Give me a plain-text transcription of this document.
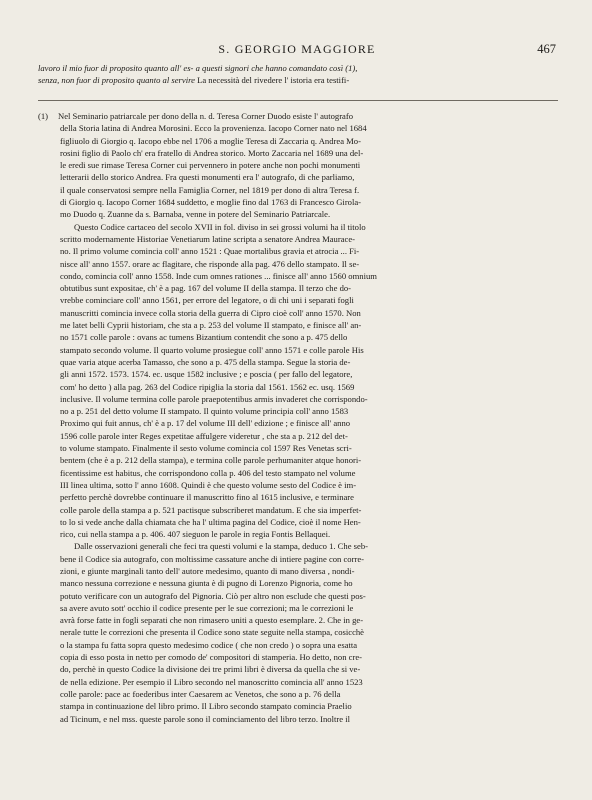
S. GEORGIO MAGGIORE	467

lavoro il mio fuor di proposito quanto all' es- a questi signori che hanno comandato così (1),

senza, non fuor di proposito quanto al servire La necessità del rivedere l' istoria era testifi-

(1) Nel Seminario patriarcale per dono della n. d. Teresa Corner Duodo esiste l' autografo
della Storia latina di Andrea Morosini. Ecco la provenienza. Iacopo Corner nato nel 1684
figliuolo di Giorgio q. Iacopo ebbe nel 1706 a moglie Teresa di Zaccaria q. Andrea Mo-
rosini figlio di Paolo ch' era fratello di Andrea storico. Morto Zaccaria nel 1689 una del-
le eredi sue rimase Teresa Corner cui pervennero in potere anche non pochi monumenti
letterarii dello storico Andrea. Fra questi monumenti era l' autografo, di che parliamo,
il quale conservatosi sempre nella Famiglia Corner, nel 1819 per dono di altra Teresa f.
di Giorgio q. Iacopo Corner 1684 suddetto, e moglie fino dal 1763 di Francesco Girola-
mo Duodo q. Zuanne da s. Barnaba, venne in potere del Seminario Patriarcale.
Questo Codice cartaceo del secolo XVII in fol. diviso in sei grossi volumi ha il titolo
scritto modernamente Historiae Venetiarum latine scripta a senatore Andrea Maurace-
no. Il primo volume comincia coll' anno 1521 : Quae mortalibus gravia et atrocia ... Fi-
nisce all' anno 1557. orare ac flagitare, che risponde alla pag. 476 dello stampato. Il se-
condo, comincia coll' anno 1558. Inde cum omnes rationes ... finisce all' anno 1560 omnium
obtutibus sunt expositae, ch' è a pag. 167 del volume II della stampa. Il terzo che do-
vrebbe cominciare coll' anno 1561, per errore del legatore, o di chi uni i separati fogli
manuscritti comincia invece colla storia della guerra di Cipro cioè coll' anno 1570. Non
me latet belli Cyprii historiam, che sta a p. 253 del volume II stampato, e finisce all' an-
no 1571 colle parole : ovans ac tumens Bizantium contendit che sono a p. 475 dello
stampato secondo volume. Il quarto volume prosiegue coll' anno 1571 e colle parole His
quae varia atque acerba Tamasso, che sono a p. 475 della stampa. Segue la storia de-
gli anni 1572. 1573. 1574. ec. usque 1582 inclusive ; e poscia ( per fallo del legatore,
com' ho detto ) alla pag. 263 del Codice ripiglia la storia dal 1561. 1562 ec. usq. 1569
inclusive. Il volume termina colle parole praepotentibus armis invaderet che corrispondo-
no a p. 251 del detto volume II stampato. Il quinto volume principia coll' anno 1583
Proximo qui fuit annus, ch' è a p. 17 del volume III dell' edizione ; e finisce all' anno
1596 colle parole inter Reges expetitae affulgere videretur , che sta a p. 212 del det-
to volume stampato. Finalmente il sesto volume comincia col 1597 Res Venetas scri-
bentem (che è a p. 212 della stampa), e termina colle parole perhumaniter atque honori-
ficentissime est habitus, che corrispondono colla p. 406 del testo stampato nel volume
III linea ultima, sotto l' anno 1608. Quindi è che questo volume sesto del Codice è im-
perfetto perchè dovrebbe continuare il manuscritto fino al 1615 inclusive, e terminare
colle parole della stampa a p. 521 pactisque subscriberet mandatum. E che sia imperfet-
to lo si vede anche dalla chiamata che ha l' ultima pagina del Codice, cioè il nome Hen-
rico, cui nella stampa a p. 406. 407 sieguon le parole in regia Fontis Bellaquei.
Dalle osservazioni generali che feci tra questi volumi e la stampa, deduco 1. Che seb-
bene il Codice sia autografo, con moltissime cassature anche di intiere pagine con corre-
zioni, e giunte marginali tanto dell' autore medesimo, quanto di mano diversa , nondi-
manco nessuna correzione e nessuna giunta è di pugno di Lorenzo Pignoria, come ho
potuto verificare con un autografo del Pignoria. Ciò per altro non esclude che questi pos-
sa avere avuto sott' occhio il codice presente per le sue correzioni; ma le correzioni le
avrà forse fatte in fogli separati che non rimasero uniti a questo esemplare. 2. Che in ge-
nerale tutte le correzioni che presenta il Codice sono state seguite nella stampa, cosicchè
o la stampa fu fatta sopra questo medesimo codice ( che non credo ) o sopra una esatta
copia di esso posta in netto per comodo de' compositori di stamperia. Ho detto, non cre-
do, perchè in questo Codice la divisione dei tre primi libri è diversa da quella che si ve-
de nella edizione. Per esempio il Libro secondo nel manoscritto comincia all' anno 1523
colle parole: pace ac foederibus inter Caesarem ac Venetos, che sono a p. 76 della
stampa in continuazione del libro primo. Il Libro secondo stampato comincia Praelio
ad Ticinum, e nel mss. queste parole sono il cominciamento del libro terzo. Inoltre il
